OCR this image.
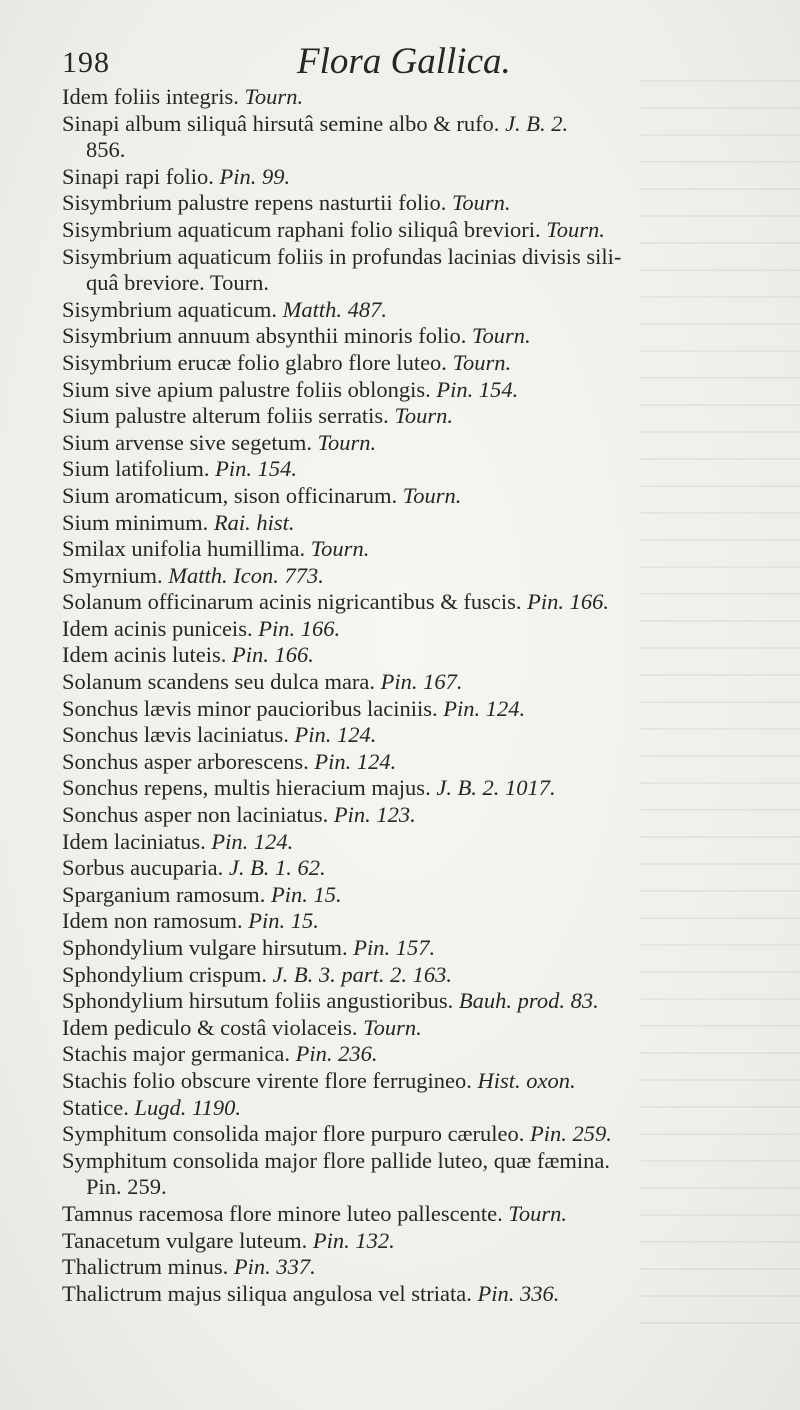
198	Flora Gallica.
Idem foliis integris. Tourn.
Sinapi album siliquâ hirsutâ semine albo & rufo. J. B. 2.
856.
Sinapi rapi folio. Pin. 99.
Sisymbrium palustre repens nasturtii folio. Tourn.
Sisymbrium aquaticum raphani folio siliquâ breviori. Tourn.
Sisymbrium aquaticum foliis in profundas lacinias divisis sili-
quâ breviore. Tourn.
Sisymbrium aquaticum. Matth. 487.
Sisymbrium annuum absynthii minoris folio. Tourn.
Sisymbrium erucæ folio glabro flore luteo. Tourn.
Sium sive apium palustre foliis oblongis. Pin. 154.
Sium palustre alterum foliis serratis. Tourn.
Sium arvense sive segetum. Tourn.
Sium latifolium. Pin. 154.
Sium aromaticum, sison officinarum. Tourn.
Sium minimum. Rai. hist.
Smilax unifolia humillima. Tourn.
Smyrnium. Matth. Icon. 773.
Solanum officinarum acinis nigricantibus & fuscis. Pin. 166.
Idem acinis puniceis. Pin. 166.
Idem acinis luteis. Pin. 166.
Solanum scandens seu dulca mara. Pin. 167.
Sonchus lævis minor paucioribus laciniis. Pin. 124.
Sonchus lævis laciniatus. Pin. 124.
Sonchus asper arborescens. Pin. 124.
Sonchus repens, multis hieracium majus. J. B. 2. 1017.
Sonchus asper non laciniatus. Pin. 123.
Idem laciniatus. Pin. 124.
Sorbus aucuparia. J. B. 1. 62.
Sparganium ramosum. Pin. 15.
Idem non ramosum. Pin. 15.
Sphondylium vulgare hirsutum. Pin. 157.
Sphondylium crispum. J. B. 3. part. 2. 163.
Sphondylium hirsutum foliis angustioribus. Bauh. prod. 83.
Idem pediculo & costâ violaceis. Tourn.
Stachis major germanica. Pin. 236.
Stachis folio obscure virente flore ferrugineo. Hist. oxon.
Statice. Lugd. 1190.
Symphitum consolida major flore purpuro cæruleo. Pin. 259.
Symphitum consolida major flore pallide luteo, quæ fæmina.
Pin. 259.
Tamnus racemosa flore minore luteo pallescente. Tourn.
Tanacetum vulgare luteum. Pin. 132.
Thalictrum minus. Pin. 337.
Thalictrum majus siliqua angulosa vel striata. Pin. 336.
